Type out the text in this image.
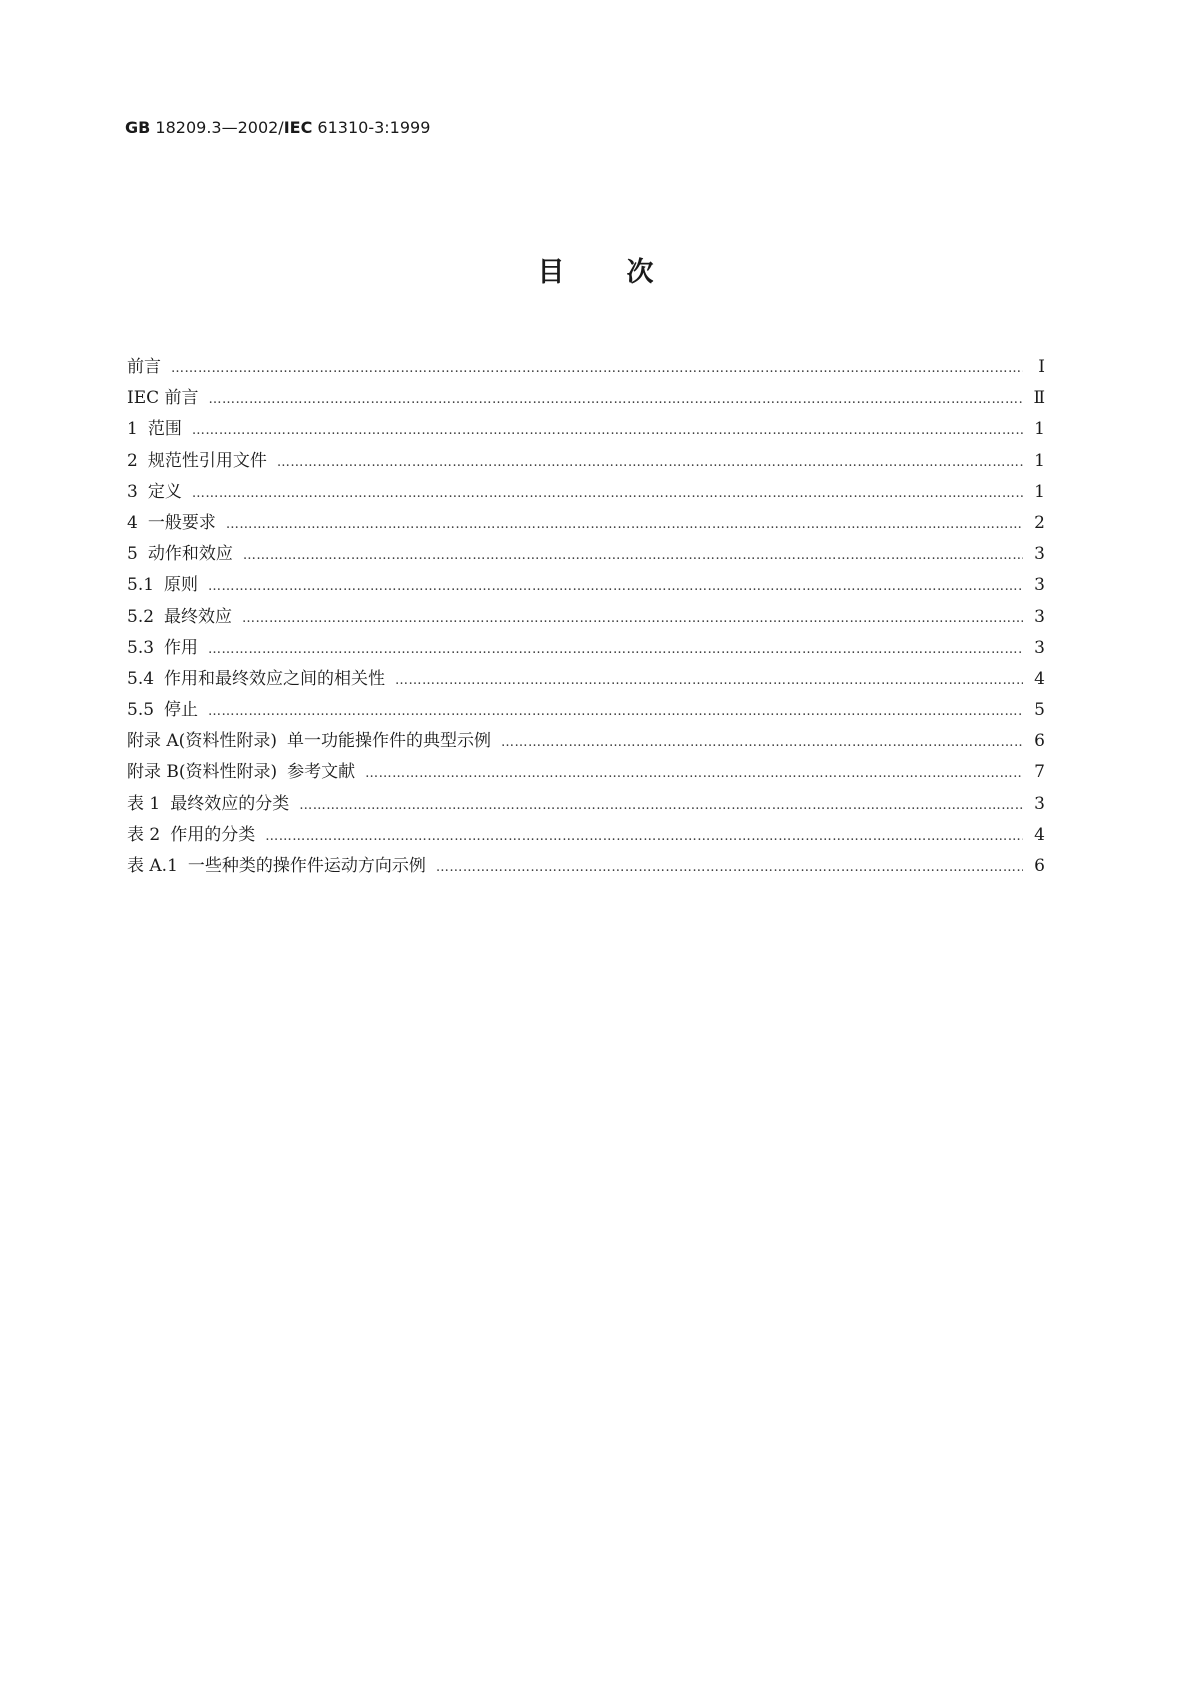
GB 18209.3—2002/IEC 61310-3:1999
目次
前言 ……………………………………………………………………………………………………………………………………………………………………………………………………………………………………………………………………	Ⅰ
IEC 前言 ……………………………………………………………………………………………………………………………………………………………………………………………………………………………………………………………………	Ⅱ
1 范围 ……………………………………………………………………………………………………………………………………………………………………………………………………………………………………………………………………	1
2 规范性引用文件 ……………………………………………………………………………………………………………………………………………………………………………………………………………………………………………………………………	1
3 定义 ……………………………………………………………………………………………………………………………………………………………………………………………………………………………………………………………………	1
4 一般要求 ……………………………………………………………………………………………………………………………………………………………………………………………………………………………………………………………………	2
5 动作和效应 ……………………………………………………………………………………………………………………………………………………………………………………………………………………………………………………………………	3
5.1 原则 ……………………………………………………………………………………………………………………………………………………………………………………………………………………………………………………………………	3
5.2 最终效应 ……………………………………………………………………………………………………………………………………………………………………………………………………………………………………………………………………	3
5.3 作用 ……………………………………………………………………………………………………………………………………………………………………………………………………………………………………………………………………	3
5.4 作用和最终效应之间的相关性 ……………………………………………………………………………………………………………………………………………………………………………………………………………………………………………………………………	4
5.5 停止 ……………………………………………………………………………………………………………………………………………………………………………………………………………………………………………………………………	5
附录 A(资料性附录) 单一功能操作件的典型示例 ……………………………………………………………………………………………………………………………………………………………………………………………………………………………………………………………………	6
附录 B(资料性附录) 参考文献 ……………………………………………………………………………………………………………………………………………………………………………………………………………………………………………………………………	7
表 1 最终效应的分类 ……………………………………………………………………………………………………………………………………………………………………………………………………………………………………………………………………	3
表 2 作用的分类 ……………………………………………………………………………………………………………………………………………………………………………………………………………………………………………………………………	4
表 A.1 一些种类的操作件运动方向示例 ……………………………………………………………………………………………………………………………………………………………………………………………………………………………………………………………………	6
